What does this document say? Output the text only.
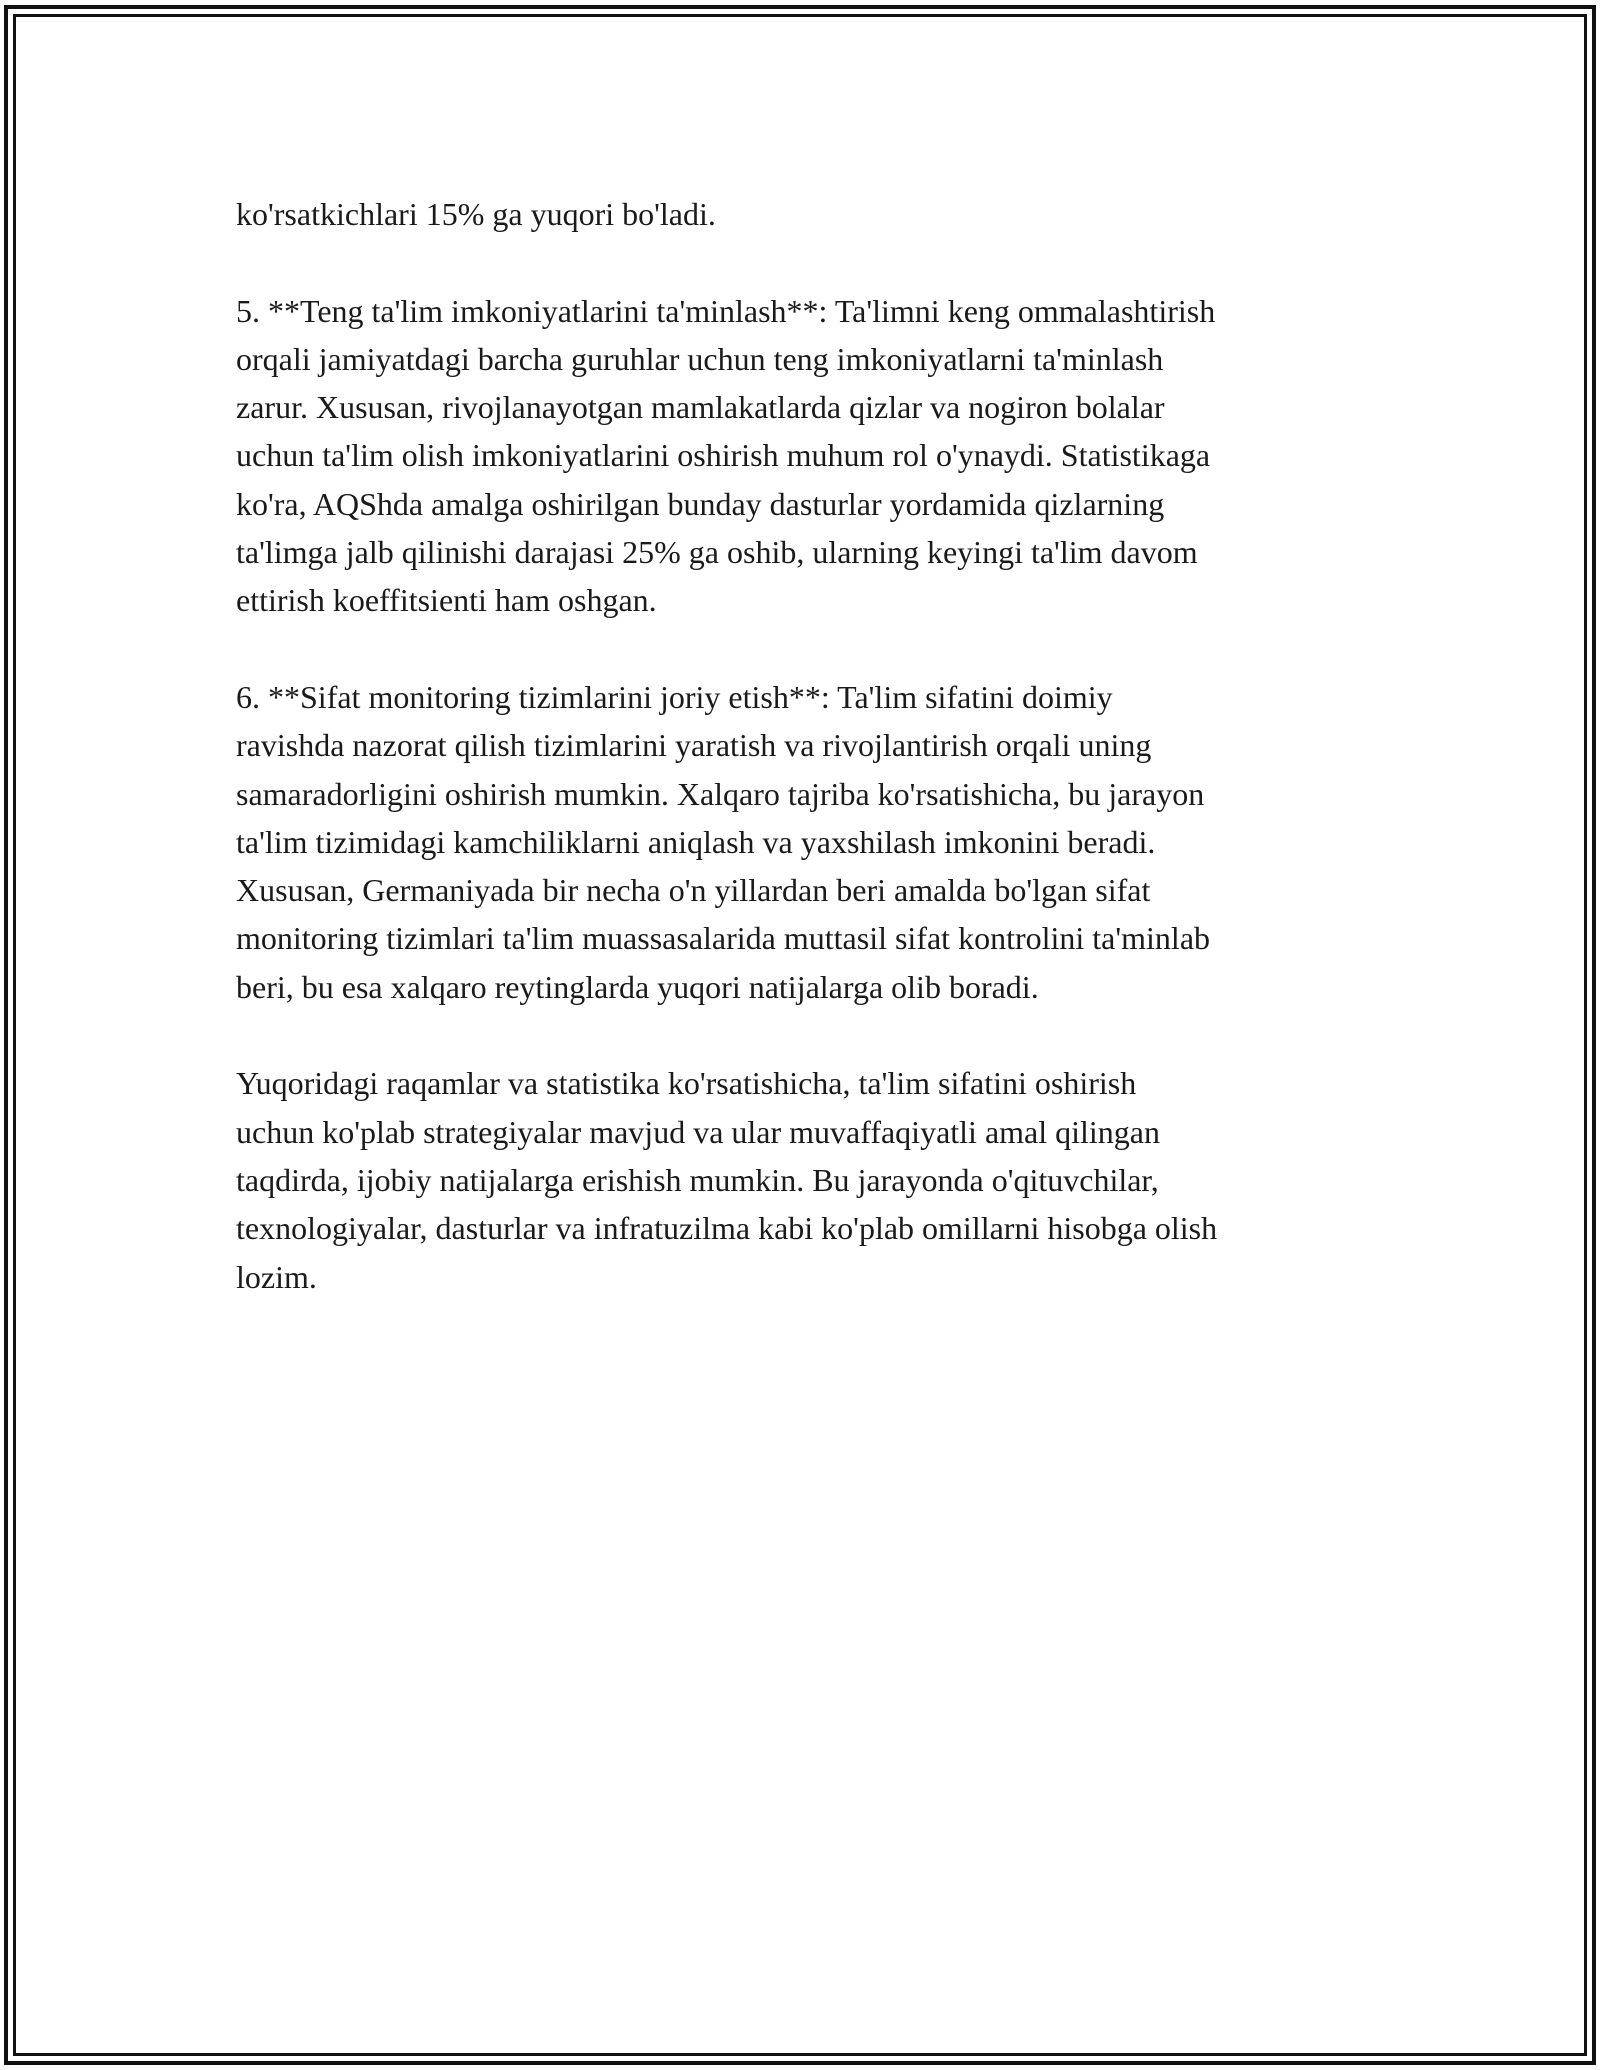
ko'rsatkichlari 15% ga yuqori bo'ladi.

5. **Teng ta'lim imkoniyatlarini ta'minlash**: Ta'limni keng ommalashtirish
orqali jamiyatdagi barcha guruhlar uchun teng imkoniyatlarni ta'minlash
zarur. Xususan, rivojlanayotgan mamlakatlarda qizlar va nogiron bolalar
uchun ta'lim olish imkoniyatlarini oshirish muhum rol o'ynaydi. Statistikaga
ko'ra, AQShda amalga oshirilgan bunday dasturlar yordamida qizlarning
ta'limga jalb qilinishi darajasi 25% ga oshib, ularning keyingi ta'lim davom
ettirish koeffitsienti ham oshgan.

6. **Sifat monitoring tizimlarini joriy etish**: Ta'lim sifatini doimiy
ravishda nazorat qilish tizimlarini yaratish va rivojlantirish orqali uning
samaradorligini oshirish mumkin. Xalqaro tajriba ko'rsatishicha, bu jarayon
ta'lim tizimidagi kamchiliklarni aniqlash va yaxshilash imkonini beradi.
Xususan, Germaniyada bir necha o'n yillardan beri amalda bo'lgan sifat
monitoring tizimlari ta'lim muassasalarida muttasil sifat kontrolini ta'minlab
beri, bu esa xalqaro reytinglarda yuqori natijalarga olib boradi.

Yuqoridagi raqamlar va statistika ko'rsatishicha, ta'lim sifatini oshirish
uchun ko'plab strategiyalar mavjud va ular muvaffaqiyatli amal qilingan
taqdirda, ijobiy natijalarga erishish mumkin. Bu jarayonda o'qituvchilar,
texnologiyalar, dasturlar va infratuzilma kabi ko'plab omillarni hisobga olish
lozim.
